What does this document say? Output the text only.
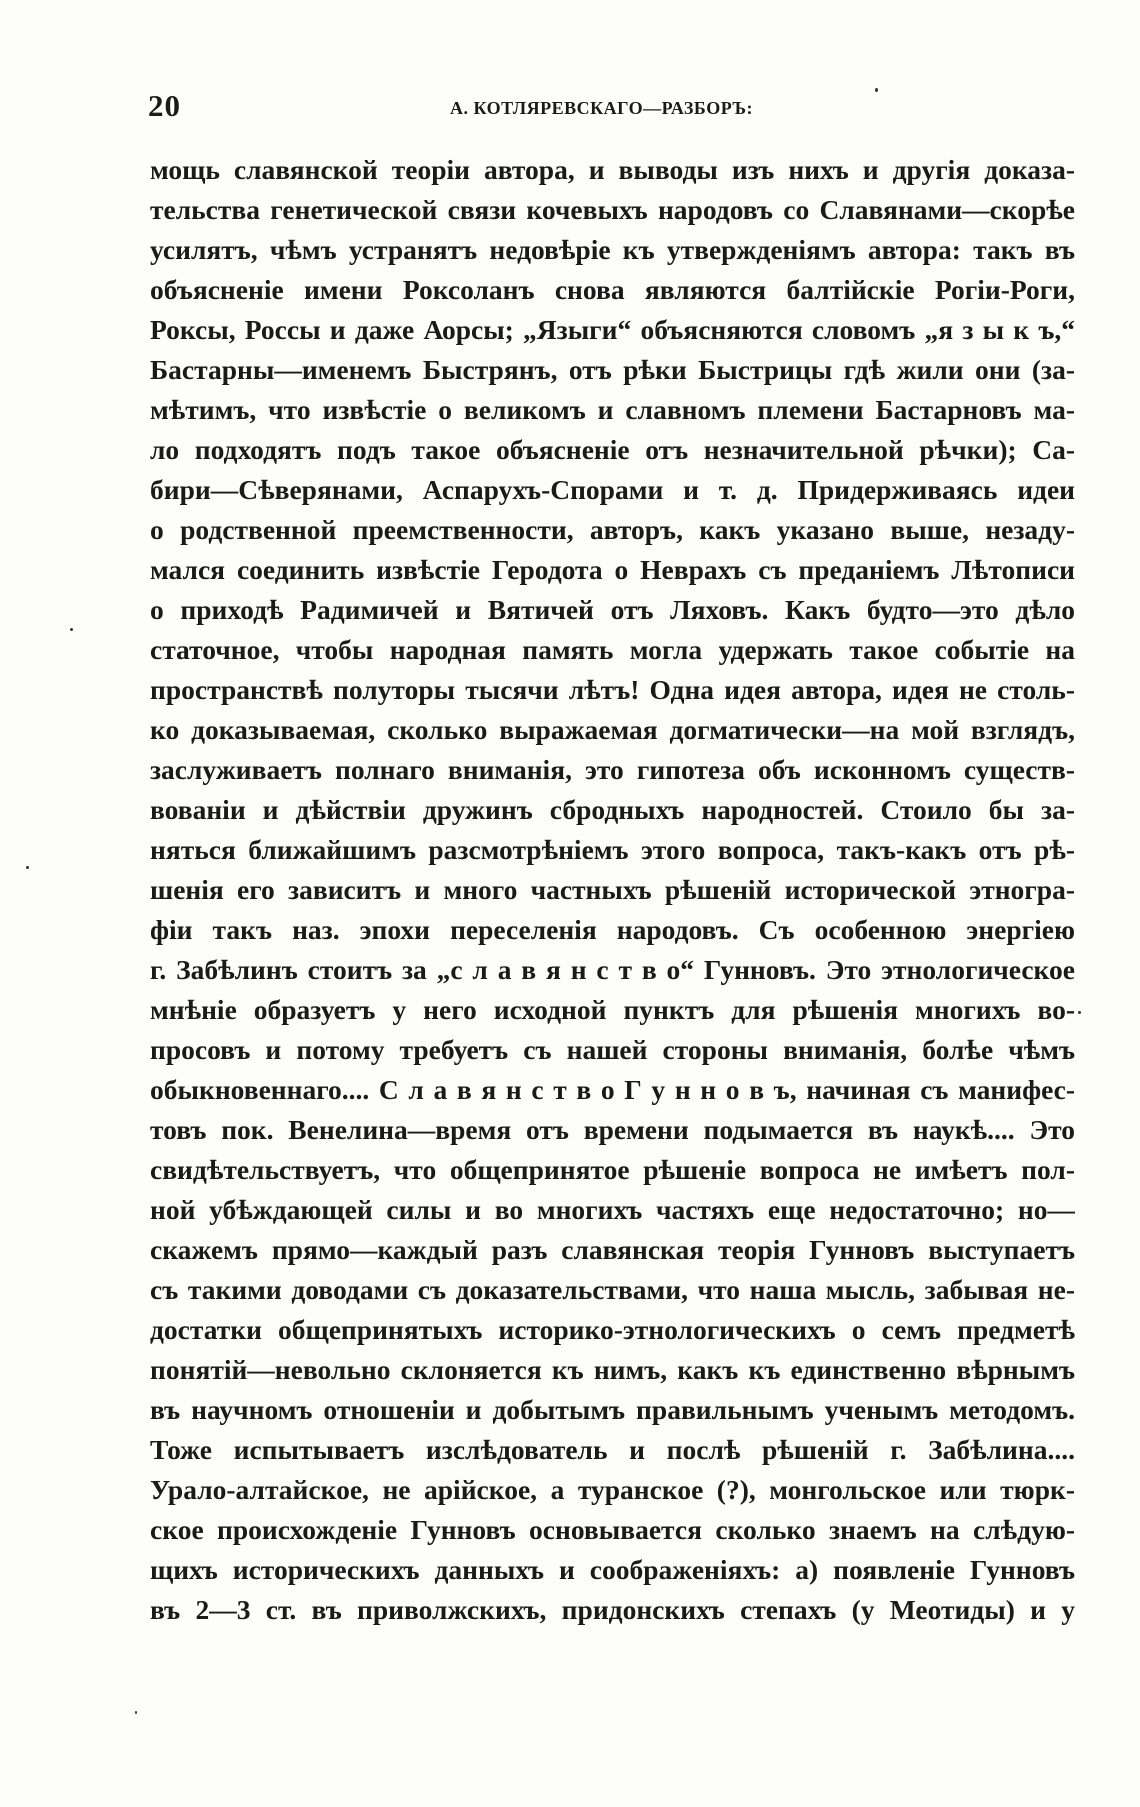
20	А. КОТЛЯРЕВСКАГО—РАЗБОРЪ:
мощь славянской теоріи автора, и выводы изъ нихъ и другія доказа-
тельства генетической связи кочевыхъ народовъ со Славянами—скорѣе
усилятъ, чѣмъ устранятъ недовѣріе къ утвержденіямъ автора: такъ въ
объясненіе имени Роксоланъ снова являются балтійскіе Рогіи-Роги,
Роксы, Россы и даже Аорсы; „Языги“ объясняются словомъ „я з ы к ъ,“
Бастарны—именемъ Быстрянъ, отъ рѣки Быстрицы гдѣ жили они (за-
мѣтимъ, что извѣстіе о великомъ и славномъ племени Бастарновъ ма-
ло подходятъ подъ такое объясненіе отъ незначительной рѣчки); Са-
бири—Сѣверянами, Аспарухъ-Спорами и т. д. Придерживаясь идеи
о родственной преемственности, авторъ, какъ указано выше, незаду-
мался соединить извѣстіе Геродота о Неврахъ съ преданіемъ Лѣтописи
о приходѣ Радимичей и Вятичей отъ Ляховъ. Какъ будто—это дѣло
статочное, чтобы народная память могла удержать такое событіе на
пространствѣ полуторы тысячи лѣтъ! Одна идея автора, идея не столь-
ко доказываемая, сколько выражаемая догматически—на мой взглядъ,
заслуживаетъ полнаго вниманія, это гипотеза объ исконномъ существ-
вованіи и дѣйствіи дружинъ сбродныхъ народностей. Стоило бы за-
няться ближайшимъ разсмотрѣніемъ этого вопроса, такъ-какъ отъ рѣ-
шенія его зависитъ и много частныхъ рѣшеній исторической этногра-
фіи такъ наз. эпохи переселенія народовъ. Съ особенною энергіею
г. Забѣлинъ стоитъ за „с л а в я н с т в о“ Гунновъ. Это этнологическое
мнѣніе образуетъ у него исходной пунктъ для рѣшенія многихъ во-
просовъ и потому требуетъ съ нашей стороны вниманія, болѣе чѣмъ
обыкновеннаго.... С л а в я н с т в о Г у н н о в ъ, начиная съ манифес-
товъ пок. Венелина—время отъ времени подымается въ наукѣ.... Это
свидѣтельствуетъ, что общепринятое рѣшеніе вопроса не имѣетъ пол-
ной убѣждающей силы и во многихъ частяхъ еще недостаточно; но—
скажемъ прямо—каждый разъ славянская теорія Гунновъ выступаетъ
съ такими доводами съ доказательствами, что наша мысль, забывая не-
достатки общепринятыхъ историко-этнологическихъ о семъ предметѣ
понятій—невольно склоняется къ нимъ, какъ къ единственно вѣрнымъ
въ научномъ отношеніи и добытымъ правильнымъ ученымъ методомъ.
Тоже испытываетъ изслѣдователь и послѣ рѣшеній г. Забѣлина....
Урало-алтайское, не арійское, а туранское (?), монгольское или тюрк-
ское происхожденіе Гунновъ основывается сколько знаемъ на слѣдую-
щихъ историческихъ данныхъ и соображеніяхъ: а) появленіе Гунновъ
въ 2—3 ст. въ приволжскихъ, придонскихъ степахъ (у Меотиды) и у
